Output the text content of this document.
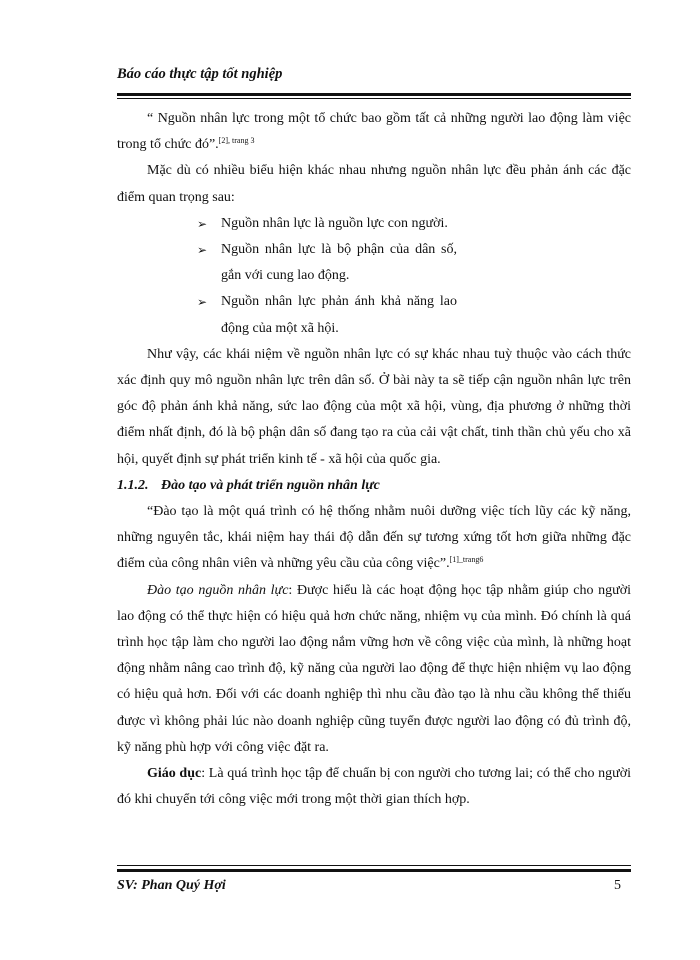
Báo cáo thực tập tốt nghiệp

“ Nguồn nhân lực trong một tổ chức bao gồm tất cả những người lao động làm việc trong tổ chức đó”.$^{[2], trang 3}$

Mặc dù có nhiều biểu hiện khác nhau nhưng nguồn nhân lực đều phản ánh các đặc điểm quan trọng sau:

➢ Nguồn nhân lực là nguồn lực con người.
➢ Nguồn nhân lực là bộ phận của dân số, gắn với cung lao động.
➢ Nguồn nhân lực phản ánh khả năng lao động của một xã hội.

Như vậy, các khái niệm về nguồn nhân lực có sự khác nhau tuỳ thuộc vào cách thức xác định quy mô nguồn nhân lực trên dân số. Ở bài này ta sẽ tiếp cận nguồn nhân lực trên góc độ phản ánh khả năng, sức lao động của một xã hội, vùng, địa phương ở những thời điểm nhất định, đó là bộ phận dân số đang tạo ra của cải vật chất, tinh thần chủ yếu cho xã hội, quyết định sự phát triển kinh tế - xã hội của quốc gia.

1.1.2. Đào tạo và phát triển nguồn nhân lực

“Đào tạo là một quá trình có hệ thống nhằm nuôi dưỡng việc tích lũy các kỹ năng, những nguyên tắc, khái niệm hay thái độ dẫn đến sự tương xứng tốt hơn giữa những đặc điểm của công nhân viên và những yêu cầu của công việc”.$^{[1]\_trang6}$

Đào tạo nguồn nhân lực: Được hiểu là các hoạt động học tập nhằm giúp cho người lao động có thể thực hiện có hiệu quả hơn chức năng, nhiệm vụ của mình. Đó chính là quá trình học tập làm cho người lao động nắm vững hơn về công việc của mình, là những hoạt động nhằm nâng cao trình độ, kỹ năng của người lao động để thực hiện nhiệm vụ lao động có hiệu quả hơn. Đối với các doanh nghiệp thì nhu cầu đào tạo là nhu cầu không thể thiếu được vì không phải lúc nào doanh nghiệp cũng tuyển được người lao động có đủ trình độ, kỹ năng phù hợp với công việc đặt ra.

Giáo dục: Là quá trình học tập để chuẩn bị con người cho tương lai; có thể cho người đó khi chuyển tới công việc mới trong một thời gian thích hợp.

SV: Phan Quý Hợi	5
